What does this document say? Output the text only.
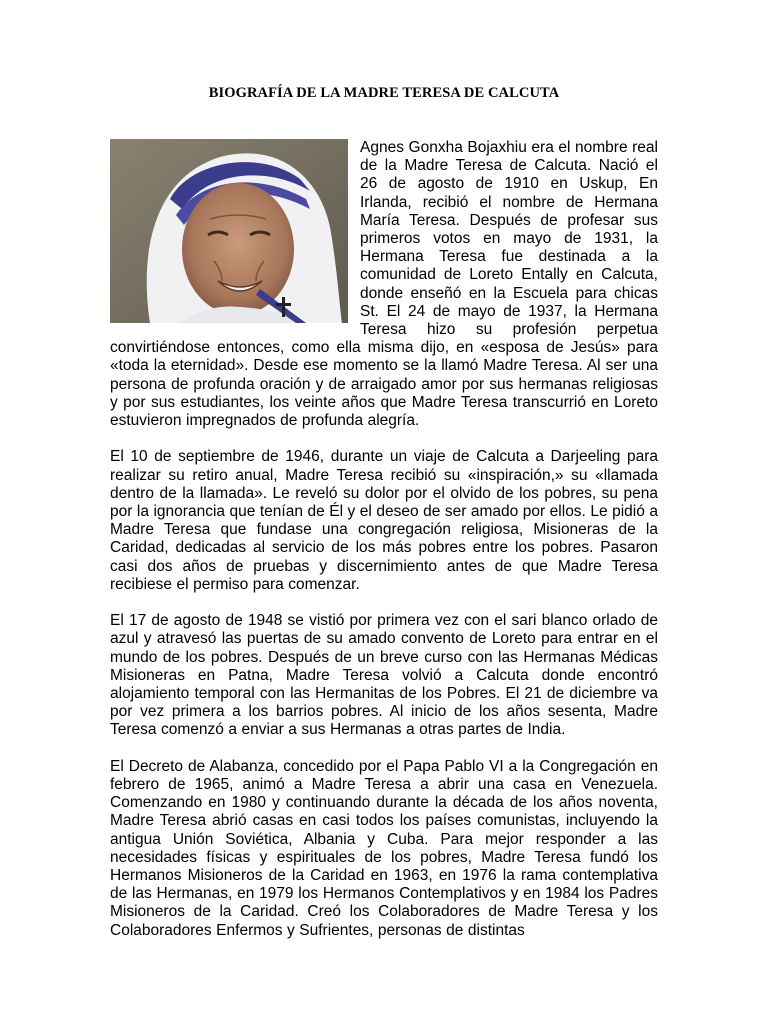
BIOGRAFÍA DE LA MADRE TERESA DE CALCUTA

Agnes Gonxha Bojaxhiu era el nombre real de la Madre Teresa de Calcuta. Nació el 26 de agosto de 1910 en Uskup, En Irlanda, recibió el nombre de Hermana María Teresa. Después de profesar sus primeros votos en mayo de 1931, la Hermana Teresa fue destinada a la comunidad de Loreto Entally en Calcuta, donde enseñó en la Escuela para chicas St. El 24 de mayo de 1937, la Hermana Teresa hizo su profesión perpetua convirtiéndose entonces, como ella misma dijo, en «esposa de Jesús» para «toda la eternidad». Desde ese momento se la llamó Madre Teresa. Al ser una persona de profunda oración y de arraigado amor por sus hermanas religiosas y por sus estudiantes, los veinte años que Madre Teresa transcurrió en Loreto estuvieron impregnados de profunda alegría.

El 10 de septiembre de 1946, durante un viaje de Calcuta a Darjeeling para realizar su retiro anual, Madre Teresa recibió su «inspiración,» su «llamada dentro de la llamada». Le reveló su dolor por el olvido de los pobres, su pena por la ignorancia que tenían de Él y el deseo de ser amado por ellos. Le pidió a Madre Teresa que fundase una congregación religiosa, Misioneras de la Caridad, dedicadas al servicio de los más pobres entre los pobres. Pasaron casi dos años de pruebas y discernimiento antes de que Madre Teresa recibiese el permiso para comenzar.

El 17 de agosto de 1948 se vistió por primera vez con el sari blanco orlado de azul y atravesó las puertas de su amado convento de Loreto para entrar en el mundo de los pobres. Después de un breve curso con las Hermanas Médicas Misioneras en Patna, Madre Teresa volvió a Calcuta donde encontró alojamiento temporal con las Hermanitas de los Pobres. El 21 de diciembre va por vez primera a los barrios pobres. Al inicio de los años sesenta, Madre Teresa comenzó a enviar a sus Hermanas a otras partes de India.

El Decreto de Alabanza, concedido por el Papa Pablo VI a la Congregación en febrero de 1965, animó a Madre Teresa a abrir una casa en Venezuela. Comenzando en 1980 y continuando durante la década de los años noventa, Madre Teresa abrió casas en casi todos los países comunistas, incluyendo la antigua Unión Soviética, Albania y Cuba. Para mejor responder a las necesidades físicas y espirituales de los pobres, Madre Teresa fundó los Hermanos Misioneros de la Caridad en 1963, en 1976 la rama contemplativa de las Hermanas, en 1979 los Hermanos Contemplativos y en 1984 los Padres Misioneros de la Caridad. Creó los Colaboradores de Madre Teresa y los Colaboradores Enfermos y Sufrientes, personas de distintas
